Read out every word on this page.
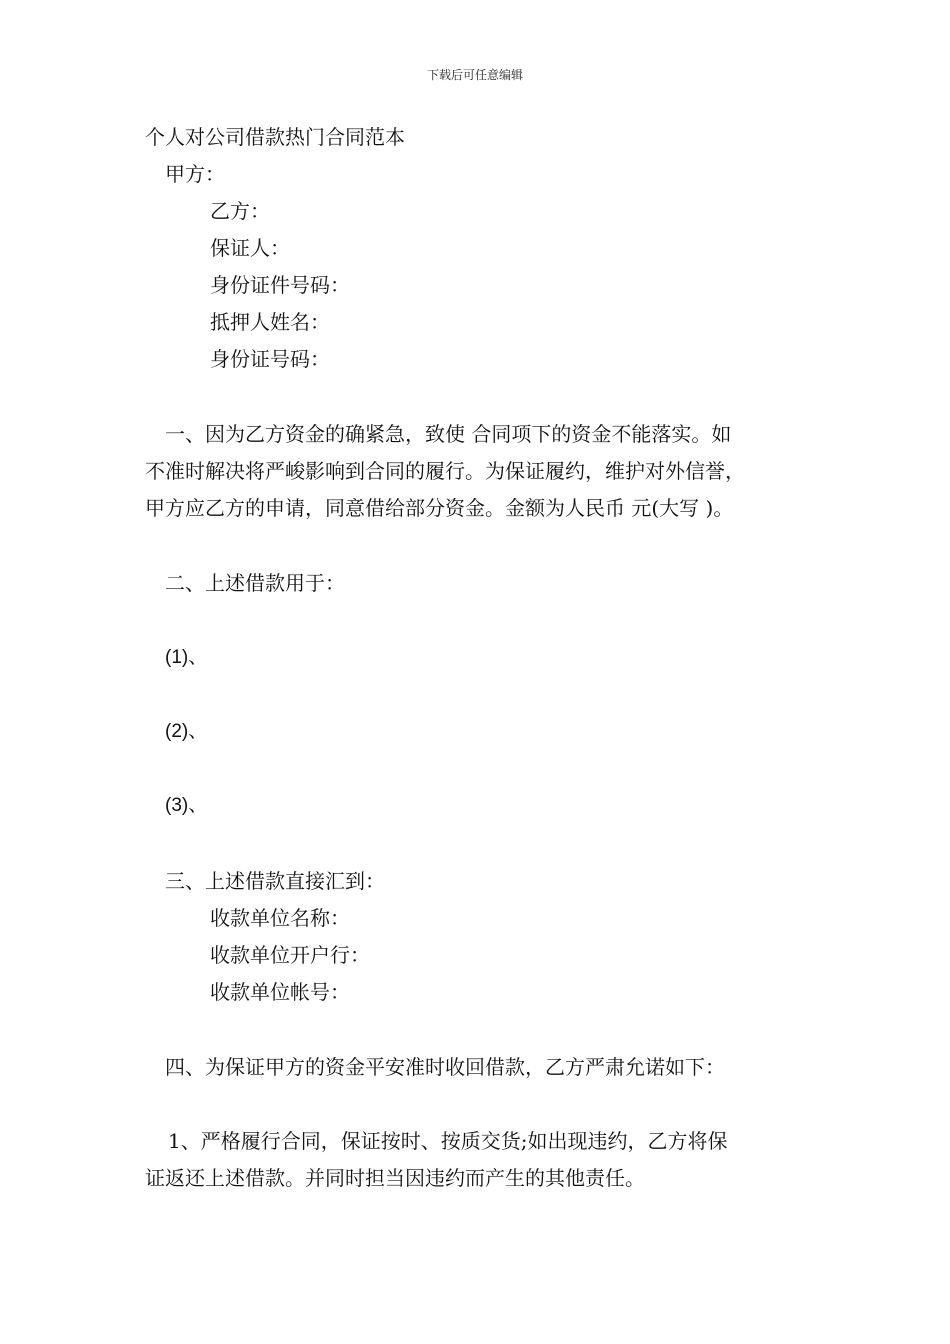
下载后可任意编辑
个人对公司借款热门合同范本
甲方：
乙方：
保证人：
身份证件号码：
抵押人姓名：
身份证号码：
一、因为乙方资金的确紧急，致使 合同项下的资金不能落实。如
不准时解决将严峻影响到合同的履行。为保证履约，维护对外信誉，
甲方应乙方的申请，同意借给部分资金。金额为人民币 元(大写 )。
二、上述借款用于：
(1)、
(2)、
(3)、
三、上述借款直接汇到：
收款单位名称：
收款单位开户行：
收款单位帐号：
四、为保证甲方的资金平安准时收回借款，乙方严肃允诺如下：
1、严格履行合同，保证按时、按质交货;如出现违约，乙方将保
证返还上述借款。并同时担当因违约而产生的其他责任。
